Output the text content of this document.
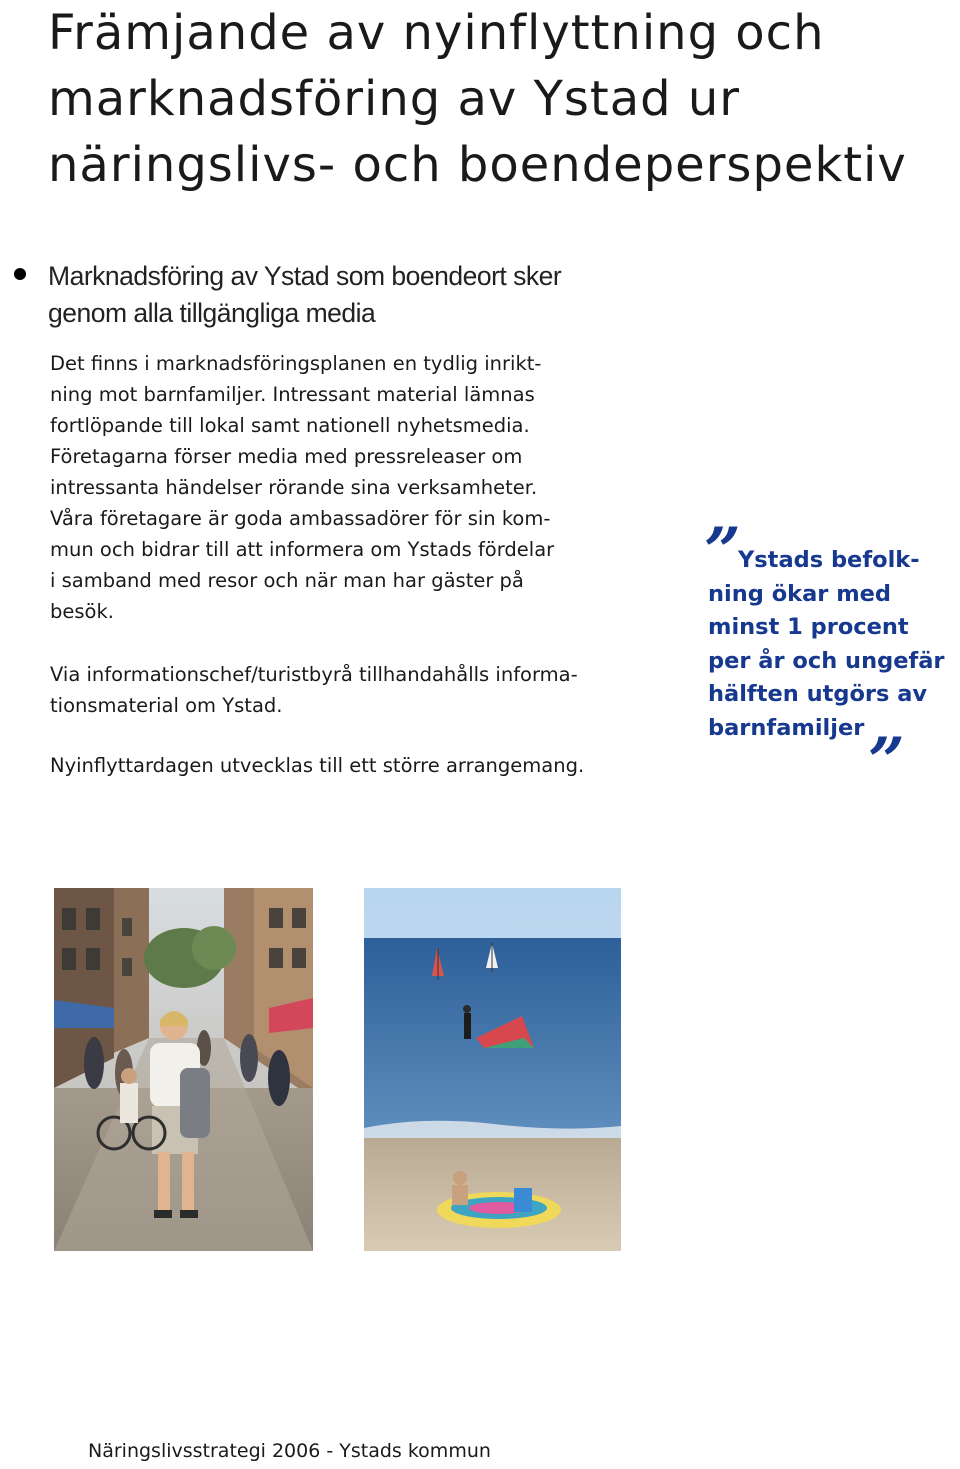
Främjande av nyinflyttning och
marknadsföring av Ystad ur
näringslivs- och boendeperspektiv
Marknadsföring av Ystad som boendeort sker
genom alla tillgängliga media
Det finns i marknadsföringsplanen en tydlig inrikt-
ning mot barnfamiljer. Intressant material lämnas
fortlöpande till lokal samt nationell nyhetsmedia.
Företagarna förser media med pressreleaser om
intressanta händelser rörande sina verksamheter.
Våra företagare är goda ambassadörer för sin kom-
mun och bidrar till att informera om Ystads fördelar
i samband med resor och när man har gäster på
besök.
Via informationschef/turistbyrå tillhandahålls informa-
tionsmaterial om Ystad.
Nyinflyttardagen utvecklas till ett större arrangemang.
”
Ystads befolk-
ning ökar med
minst 1 procent
per år och ungefär
hälften utgörs av
barnfamiljer ”
Näringslivsstrategi 2006 - Ystads kommun
